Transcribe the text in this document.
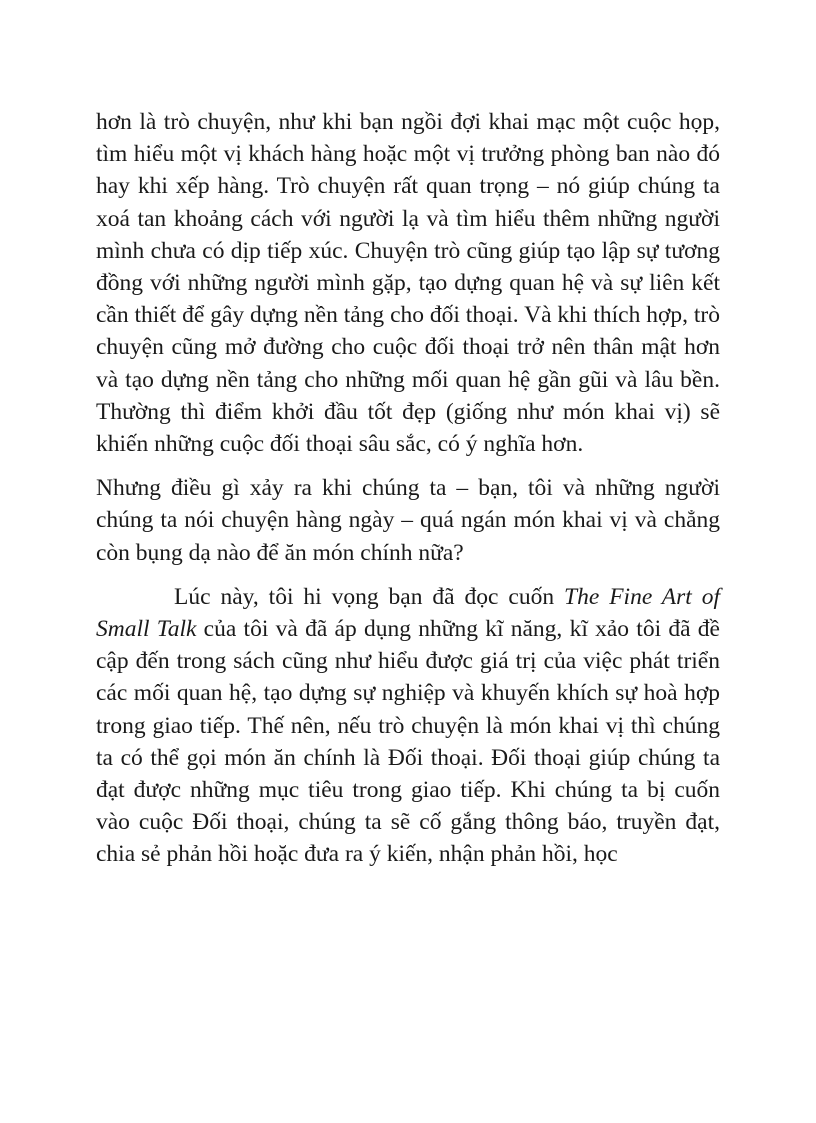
hơn là trò chuyện, như khi bạn ngồi đợi khai mạc một cuộc họp, tìm hiểu một vị khách hàng hoặc một vị trưởng phòng ban nào đó hay khi xếp hàng. Trò chuyện rất quan trọng – nó giúp chúng ta xoá tan khoảng cách với người lạ và tìm hiểu thêm những người mình chưa có dịp tiếp xúc. Chuyện trò cũng giúp tạo lập sự tương đồng với những người mình gặp, tạo dựng quan hệ và sự liên kết cần thiết để gây dựng nền tảng cho đối thoại. Và khi thích hợp, trò chuyện cũng mở đường cho cuộc đối thoại trở nên thân mật hơn và tạo dựng nền tảng cho những mối quan hệ gần gũi và lâu bền. Thường thì điểm khởi đầu tốt đẹp (giống như món khai vị) sẽ khiến những cuộc đối thoại sâu sắc, có ý nghĩa hơn.

Nhưng điều gì xảy ra khi chúng ta – bạn, tôi và những người chúng ta nói chuyện hàng ngày – quá ngán món khai vị và chẳng còn bụng dạ nào để ăn món chính nữa?

Lúc này, tôi hi vọng bạn đã đọc cuốn The Fine Art of Small Talk của tôi và đã áp dụng những kĩ năng, kĩ xảo tôi đã đề cập đến trong sách cũng như hiểu được giá trị của việc phát triển các mối quan hệ, tạo dựng sự nghiệp và khuyến khích sự hoà hợp trong giao tiếp. Thế nên, nếu trò chuyện là món khai vị thì chúng ta có thể gọi món ăn chính là Đối thoại. Đối thoại giúp chúng ta đạt được những mục tiêu trong giao tiếp. Khi chúng ta bị cuốn vào cuộc Đối thoại, chúng ta sẽ cố gắng thông báo, truyền đạt, chia sẻ phản hồi hoặc đưa ra ý kiến, nhận phản hồi, học
